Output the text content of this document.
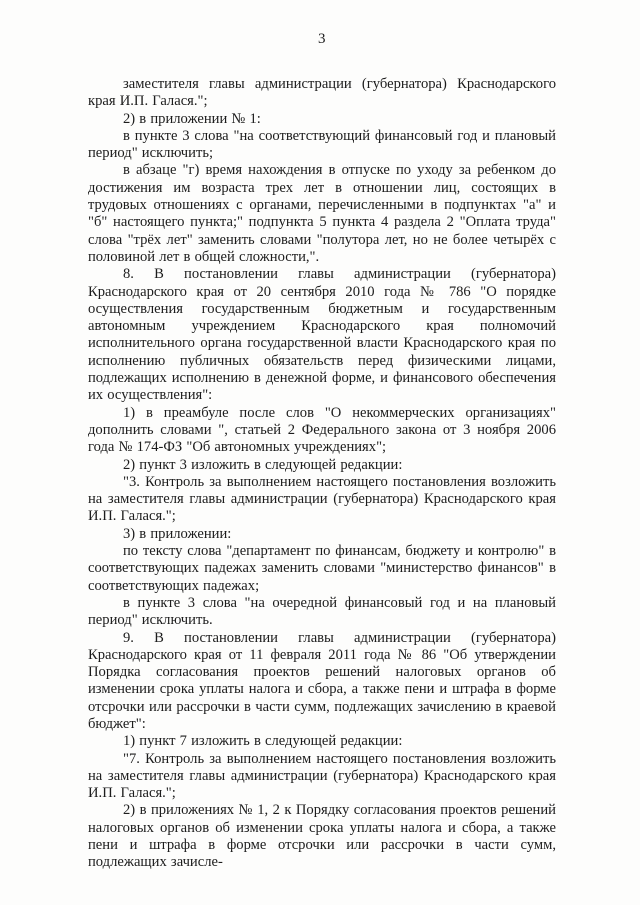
3

заместителя главы администрации (губернатора) Краснодарского края И.П. Галася.";

2) в приложении № 1:

в пункте 3 слова "на соответствующий финансовый год и плановый период" исключить;

в абзаце "г) время нахождения в отпуске по уходу за ребенком до достижения им возраста трех лет в отношении лиц, состоящих в трудовых отношениях с органами, перечисленными в подпунктах "а" и "б" настоящего пункта;" подпункта 5 пункта 4 раздела 2 "Оплата труда" слова "трёх лет" заменить словами "полутора лет, но не более четырёх с половиной лет в общей сложности,".

8. В постановлении главы администрации (губернатора) Краснодарского края от 20 сентября 2010 года № 786 "О порядке осуществления государственным бюджетным и государственным автономным учреждением Краснодарского края полномочий исполнительного органа государственной власти Краснодарского края по исполнению публичных обязательств перед физическими лицами, подлежащих исполнению в денежной форме, и финансового обеспечения их осуществления":

1) в преамбуле после слов "О некоммерческих организациях" дополнить словами ", статьей 2 Федерального закона от 3 ноября 2006 года № 174-ФЗ "Об автономных учреждениях";

2) пункт 3 изложить в следующей редакции:

"3. Контроль за выполнением настоящего постановления возложить на заместителя главы администрации (губернатора) Краснодарского края И.П. Галася.";

3) в приложении:

по тексту слова "департамент по финансам, бюджету и контролю" в соответствующих падежах заменить словами "министерство финансов" в соответствующих падежах;

в пункте 3 слова "на очередной финансовый год и на плановый период" исключить.

9. В постановлении главы администрации (губернатора) Краснодарского края от 11 февраля 2011 года № 86 "Об утверждении Порядка согласования проектов решений налоговых органов об изменении срока уплаты налога и сбора, а также пени и штрафа в форме отсрочки или рассрочки в части сумм, подлежащих зачислению в краевой бюджет":

1) пункт 7 изложить в следующей редакции:

"7. Контроль за выполнением настоящего постановления возложить на заместителя главы администрации (губернатора) Краснодарского края И.П. Галася.";

2) в приложениях № 1, 2 к Порядку согласования проектов решений налоговых органов об изменении срока уплаты налога и сбора, а также пени и штрафа в форме отсрочки или рассрочки в части сумм, подлежащих зачисле-
